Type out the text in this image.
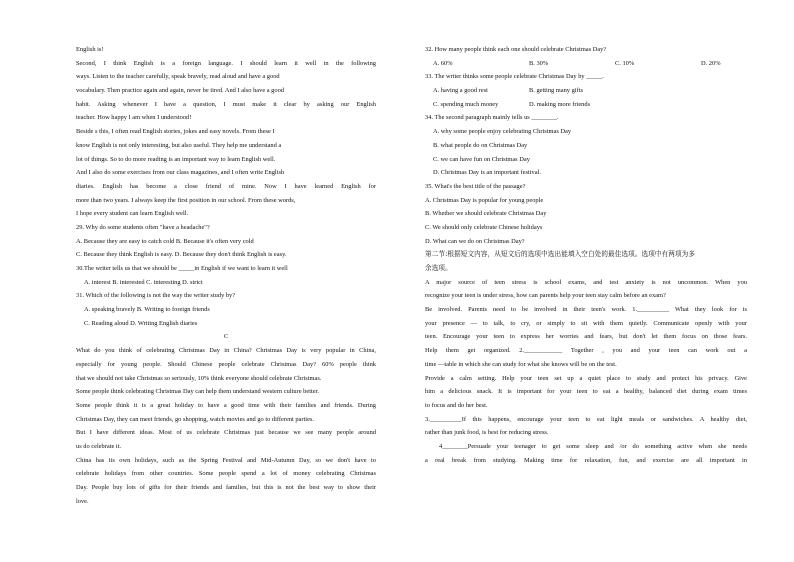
English is!
Second, I think English is a foreign language. I should learn it well in the following
ways. Listen to the teacher carefully, speak bravely, read aloud and have a good
vocabulary. Then practice again and again, never be tired. And I also have a good
habit. Asking whenever I have a question, I must make it clear by asking our English
teacher. How happy I am when I understood!
Beside s this, I often read English stories, jokes and easy novels. From these I
know English is not only interesting, but also useful. They help me understand a
lot of things. So to do more reading is an important way to learn English well.
And I also do some exercises from our class magazines, and I often write English
diaries. English has become a close friend of mine. Now I have learned English for
more than two years. I always keep the first position in our school. From these words,
I hope every student can learn English well.
29. Why do some students often "have a headache"?
A. Because they are easy to catch cold B. Because it's often very cold
C. Because they think English is easy. D. Because they don't think English is easy.
30.The writer tells us that we should be _____in English if we want to learn it well
A. interest B. interested C. interesting D. strict
31. Which of the following is not the way the writer study by?
A. speaking bravely B. Writing to foreign friends
C. Reading aloud D. Writing English diaries
C
What do you think of celebrating Christmas Day in China? Christmas Day is very popular in China,
especially for young people. Should Chinese people celebrate Christmas Day? 60% people think
that we should not take Christmas so seriously, 10% think everyone should celebrate Christmas.
Some people think celebrating Christmas Day can help them understand western culture better.
Some people think it is a great holiday to have a good time with their families and friends. During
Christmas Day, they can meet friends, go shopping, watch movies and go to different parties.
But I have different ideas. Most of us celebrate Christmas just because we see many people around
us do celebrate it.
China has its own holidays, such as the Spring Festival and Mid-Autumn Day, so we don't have to
celebrate holidays from other countries. Some people spend a lot of money celebrating Christmas
Day. People buy lots of gifts for their friends and families, but this is not the best way to show their
love.
32. How many people think each one should celebrate Christmas Day?
A. 60%	B. 30%	C. 10%	D. 20%
33. The writer thinks some people celebrate Christmas Day by _____.
A. having a good rest	B. getting many gifts
C. spending much money	D. making more friends
34. The second paragraph mainly tells us ________.
A. why some people enjoy celebrating Christmas Day
B. what people do on Christmas Day
C. we can have fun on Christmas Day
D. Christmas Day is an important festival.
35. What's the best title of the passage?
A. Christmas Day is popular for young people
B. Whether we should celebrate Christmas Day
C. We should only celebrate Chinese holidays
D. What can we do on Christmas Day?
第二节:根据短文内容，从短文后的选项中选出能填入空白处的最佳选项。选项中有两项为多
余选项。
A major source of teen stress is school exams, and test anxiety is not uncommon. When you
recognize your teen is under stress, how can parents help your teen stay calm before an exam?
Be involved. Parents need to be involved in their teen's work. 1.__________ What they look for is
your presence — to talk, to cry, or simply to sit with them quietly. Communicate openly with your
teen. Encourage your teen to express her worries and fears, but don't let them focus on those fears.
Help them get organized. 2.____________ Together , you and your teen can work out a
time —table in which she can study for what she knows will be on the test.
Provide a calm setting. Help your teen set up a quiet place to study and protect his privacy. Give
him a delicious snack. It is important for your teen to eat a healthy, balanced diet during exam times
to focus and do her best.
3.__________If this happens, encourage your teen to eat light meals or sandwiches. A healthy diet,
rather than junk food, is best for reducing stress.
4________Persuade your teenager to get some sleep and /or do something active when she needs
a real break from studying. Making time for relaxation, fun, and exercise are all important in
